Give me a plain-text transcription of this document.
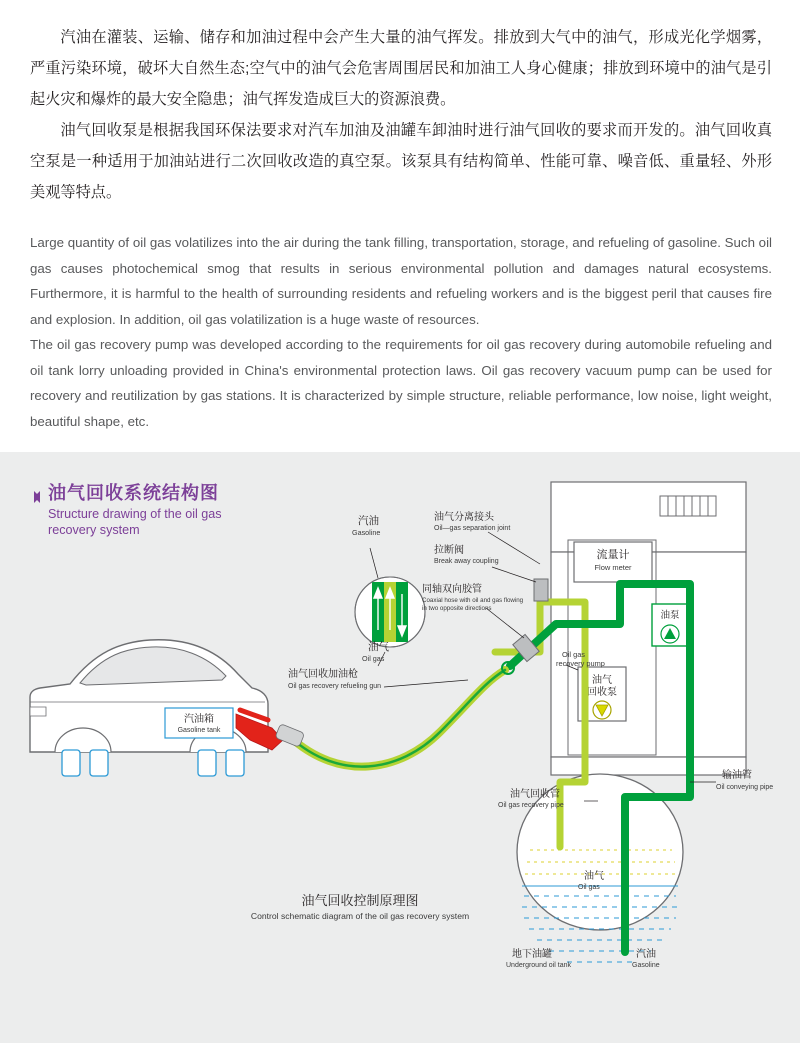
汽油在灌装、运输、储存和加油过程中会产生大量的油气挥发。排放到大气中的油气，形成光化学烟雾，严重污染环境，破坏大自然生态;空气中的油气会危害周围居民和加油工人身心健康；排放到环境中的油气是引起火灾和爆炸的最大安全隐患；油气挥发造成巨大的资源浪费。

油气回收泵是根据我国环保法要求对汽车加油及油罐车卸油时进行油气回收的要求而开发的。油气回收真空泵是一种适用于加油站进行二次回收改造的真空泵。该泵具有结构简单、性能可靠、噪音低、重量轻、外形美观等特点。

Large quantity of oil gas volatilizes into the air during the tank filling, transportation, storage, and refueling of gasoline. Such oil gas causes photochemical smog that results in serious environmental pollution and damages natural ecosystems. Furthermore, it is harmful to the health of surrounding residents and refueling workers and is the biggest peril that causes fire and explosion. In addition, oil gas volatilization is a huge waste of resources.

The oil gas recovery pump was developed according to the requirements for oil gas recovery during automobile refueling and oil tank lorry unloading provided in China's environmental protection laws. Oil gas recovery vacuum pump can be used for recovery and reutilization by gas stations. It is characterized by simple structure, reliable performance, low noise, light weight, beautiful shape, etc.

油气回收系统结构图
Structure drawing of the oil gas recovery system
流量计
Flow meter
油泵
油气
回收泵
汽油箱
Gasoline tank
汽油
Gasoline
油气
Oil gas
油气分离接头
Oil—gas separation joint
拉断阀
Break away coupling
同轴双向胶管
Coaxial hose with oil and gas flowing
in two opposite directions
油气回收加油枪
Oil gas recovery refueling gun
Oil gas
recovery pump
油气回收管
Oil gas recovery pipe
输油管
Oil conveying pipe
油气
Oil gas
地下油罐
Underground oil tank
汽油
Gasoline
油气回收控制原理图
Control schematic diagram of the oil gas recovery system
